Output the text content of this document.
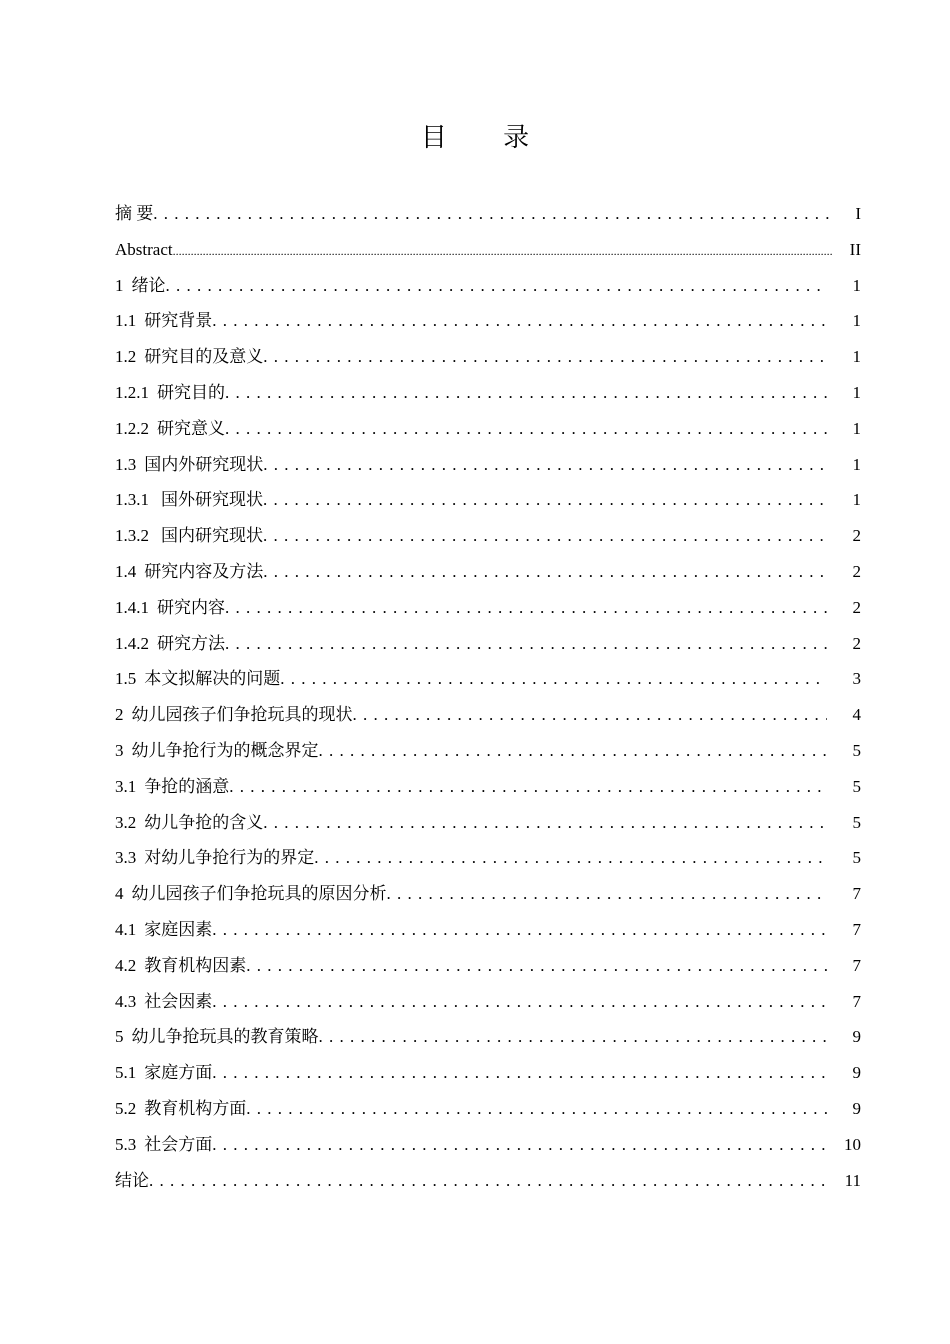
目 录
摘 要 . . .	I
Abstract .....	II
1 绪论 . . .	1
1.1 研究背景 . . .	1
1.2 研究目的及意义 . . .	1
1.2.1 研究目的 . . .	1
1.2.2 研究意义 . . .	1
1.3 国内外研究现状 . . .	1
1.3.1 国外研究现状 . . .	1
1.3.2 国内研究现状 . . .	2
1.4 研究内容及方法 . . .	2
1.4.1 研究内容 . . .	2
1.4.2 研究方法 . . .	2
1.5 本文拟解决的问题 . . .	3
2 幼儿园孩子们争抢玩具的现状 . . .	4
3 幼儿争抢行为的概念界定 . . .	5
3.1 争抢的涵意 . . .	5
3.2 幼儿争抢的含义 . . .	5
3.3 对幼儿争抢行为的界定 . . .	5
4 幼儿园孩子们争抢玩具的原因分析 . . .	7
4.1 家庭因素 . . .	7
4.2 教育机构因素 . . .	7
4.3 社会因素 . . .	7
5 幼儿争抢玩具的教育策略 . . .	9
5.1 家庭方面 . . .	9
5.2 教育机构方面 . . .	9
5.3 社会方面 . . .	10
结论 . . .	11
